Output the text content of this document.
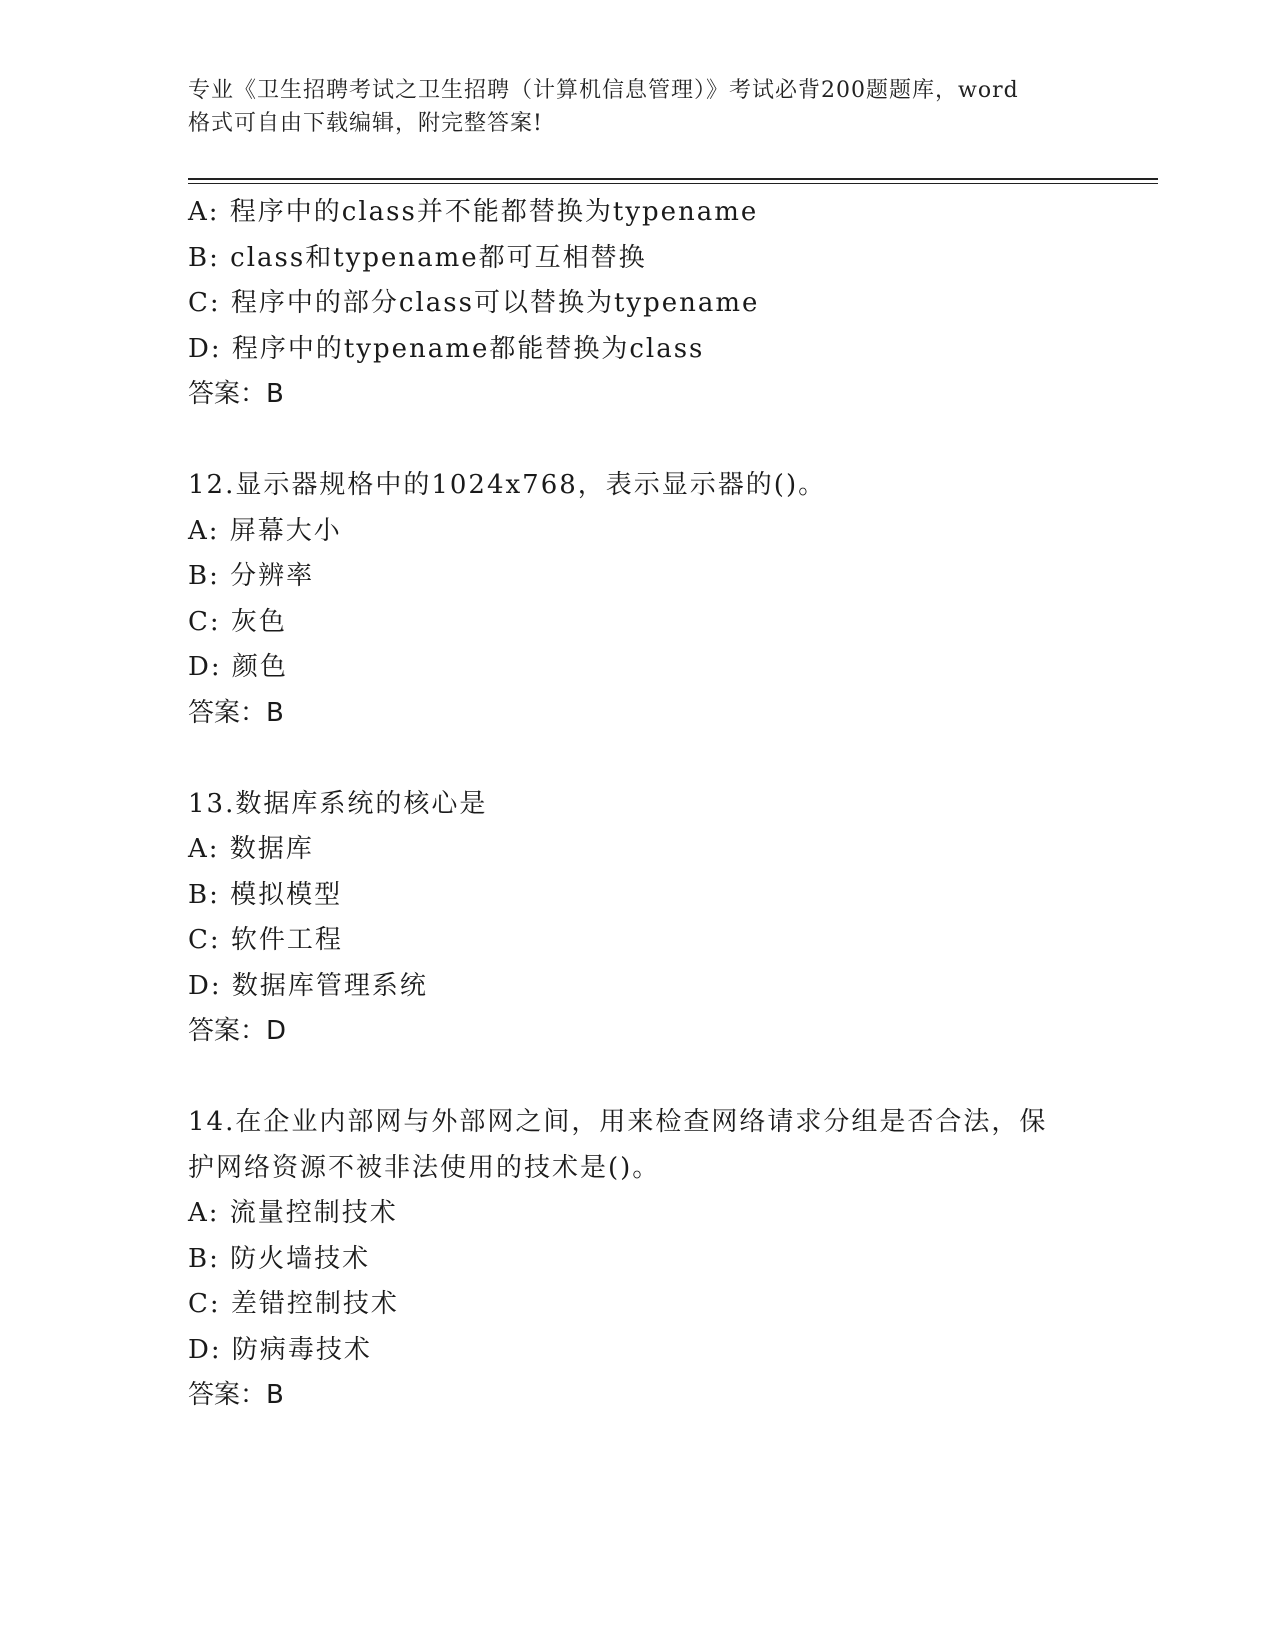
专业《卫生招聘考试之卫生招聘（计算机信息管理）》考试必背200题题库，word
格式可自由下载编辑，附完整答案!
A: 程序中的class并不能都替换为typename
B: class和typename都可互相替换
C: 程序中的部分class可以替换为typename
D: 程序中的typename都能替换为class
答案：B
12.显示器规格中的1024x768，表示显示器的()。
A: 屏幕大小
B: 分辨率
C: 灰色
D: 颜色
答案：B
13.数据库系统的核心是
A: 数据库
B: 模拟模型
C: 软件工程
D: 数据库管理系统
答案：D
14.在企业内部网与外部网之间，用来检查网络请求分组是否合法，保
护网络资源不被非法使用的技术是()。
A: 流量控制技术
B: 防火墙技术
C: 差错控制技术
D: 防病毒技术
答案：B
